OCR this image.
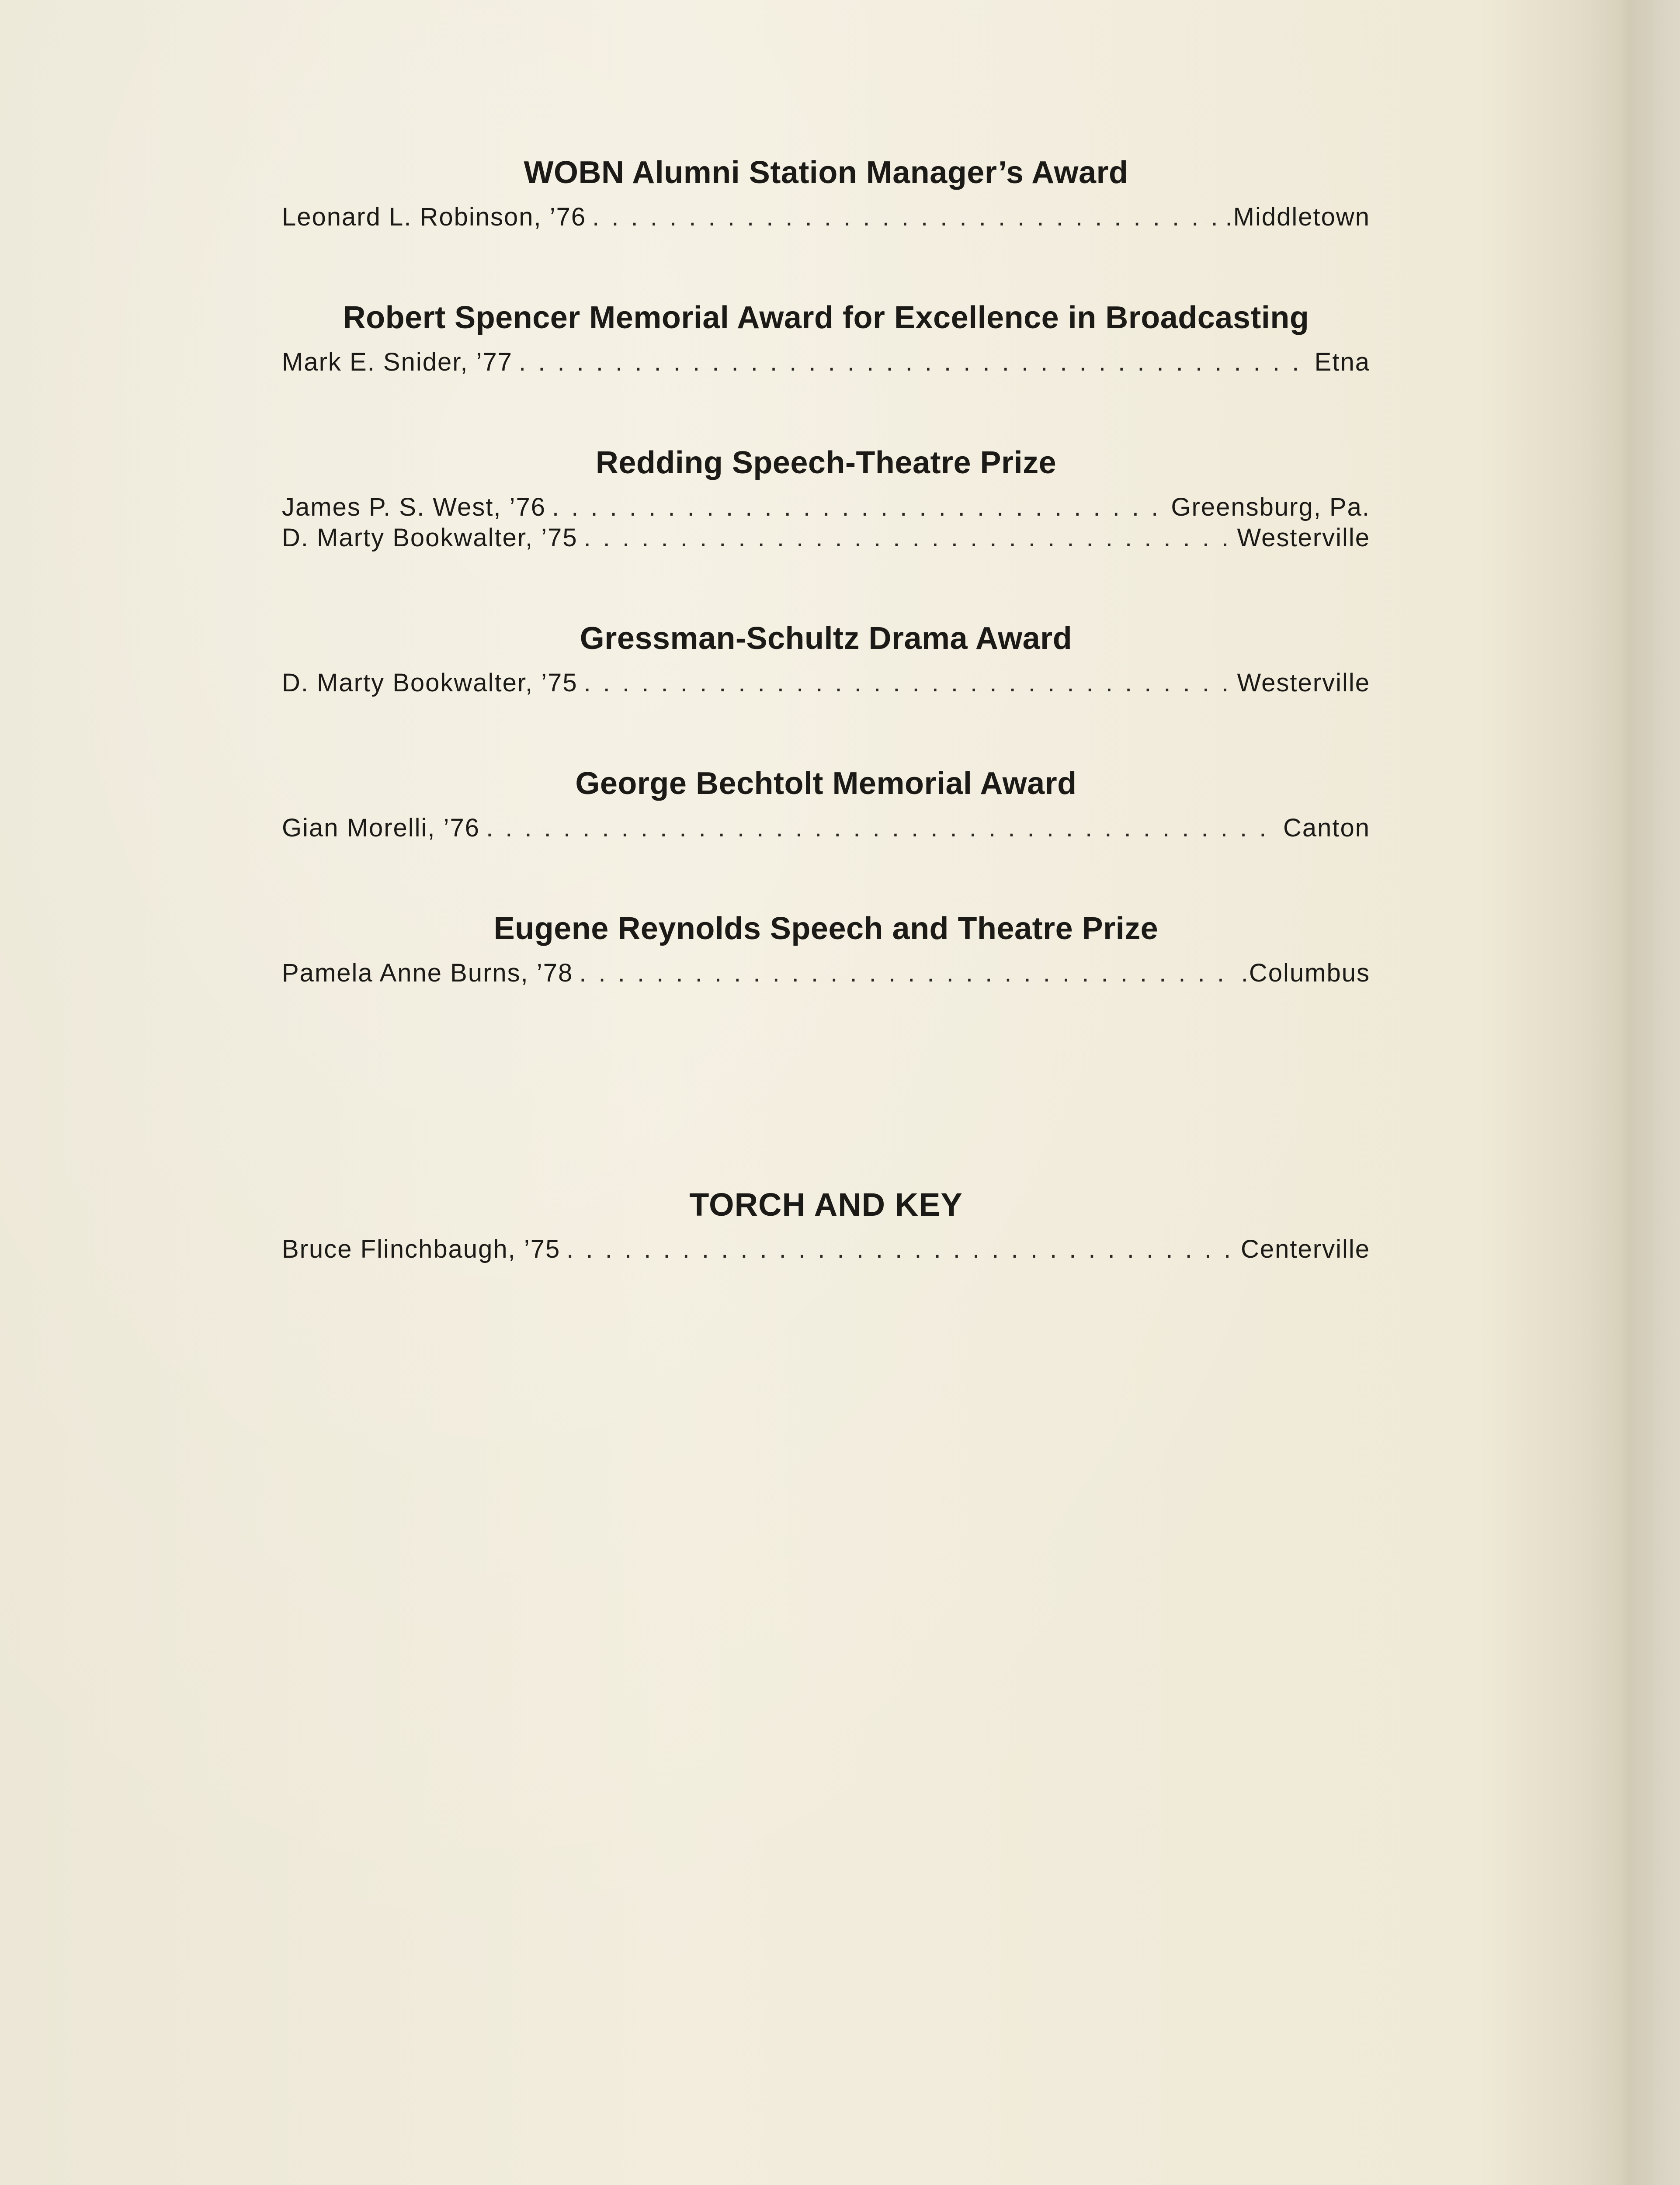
WOBN Alumni Station Manager’s Award
Leonard L. Robinson, ’76 . . .	.Middletown
Robert Spencer Memorial Award for Excellence in Broadcasting
Mark E. Snider, ’77 . . .	Etna
Redding Speech-Theatre Prize
James P. S. West, ’76 . . .	Greensburg, Pa.
D. Marty Bookwalter, ’75 . . .	Westerville
Gressman-Schultz Drama Award
D. Marty Bookwalter, ’75 . . .	Westerville
George Bechtolt Memorial Award
Gian Morelli, ’76 . . .	Canton
Eugene Reynolds Speech and Theatre Prize
Pamela Anne Burns, ’78 . . .	.Columbus
TORCH AND KEY
Bruce Flinchbaugh, ’75 . . .	Centerville
